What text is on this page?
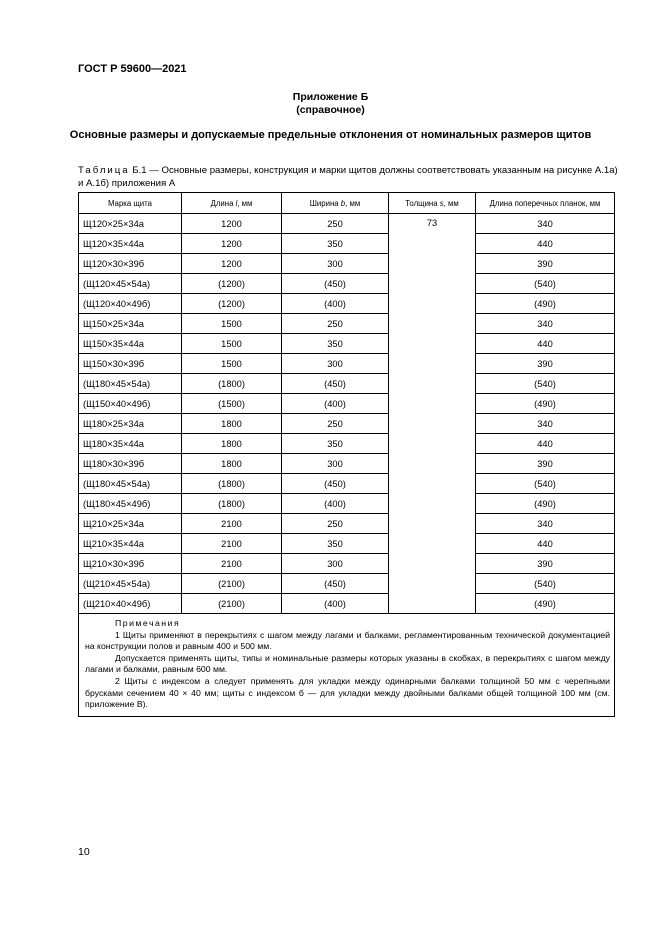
ГОСТ Р 59600—2021
Приложение Б
(справочное)
Основные размеры и допускаемые предельные отклонения от номинальных размеров щитов
Таблица Б.1 — Основные размеры, конструкция и марки щитов должны соответствовать указанным на рисунке А.1а) и А.1б) приложения А
Марка щита	Длина l, мм	Ширина b, мм	Толщина s, мм	Длина поперечных планок, мм
Щ120×25×34а	1200	250	73	340
Щ120×35×44а	1200	350		440
Щ120×30×39б	1200	300		390
(Щ120×45×54а)	(1200)	(450)		(540)
(Щ120×40×49б)	(1200)	(400)		(490)
Щ150×25×34а	1500	250		340
Щ150×35×44а	1500	350		440
Щ150×30×39б	1500	300		390
(Щ180×45×54а)	(1800)	(450)		(540)
(Щ150×40×49б)	(1500)	(400)		(490)
Щ180×25×34а	1800	250		340
Щ180×35×44а	1800	350		440
Щ180×30×39б	1800	300		390
(Щ180×45×54а)	(1800)	(450)		(540)
(Щ180×45×49б)	(1800)	(400)		(490)
Щ210×25×34а	2100	250		340
Щ210×35×44а	2100	350		440
Щ210×30×39б	2100	300		390
(Щ210×45×54а)	(2100)	(450)		(540)
(Щ210×40×49б)	(2100)	(400)		(490)

Примечания
1 Щиты применяют в перекрытиях с шагом между лагами и балками, регламентированным технической документацией на конструкции полов и равным 400 и 500 мм.
Допускается применять щиты, типы и номинальные размеры которых указаны в скобках, в перекрытиях с шагом между лагами и балками, равным 600 мм.
2 Щиты с индексом а следует применять для укладки между одинарными балками толщиной 50 мм с черепными брусками сечением 40 × 40 мм; щиты с индексом б — для укладки между двойными балками общей толщиной 100 мм (см. приложение В).				
10
